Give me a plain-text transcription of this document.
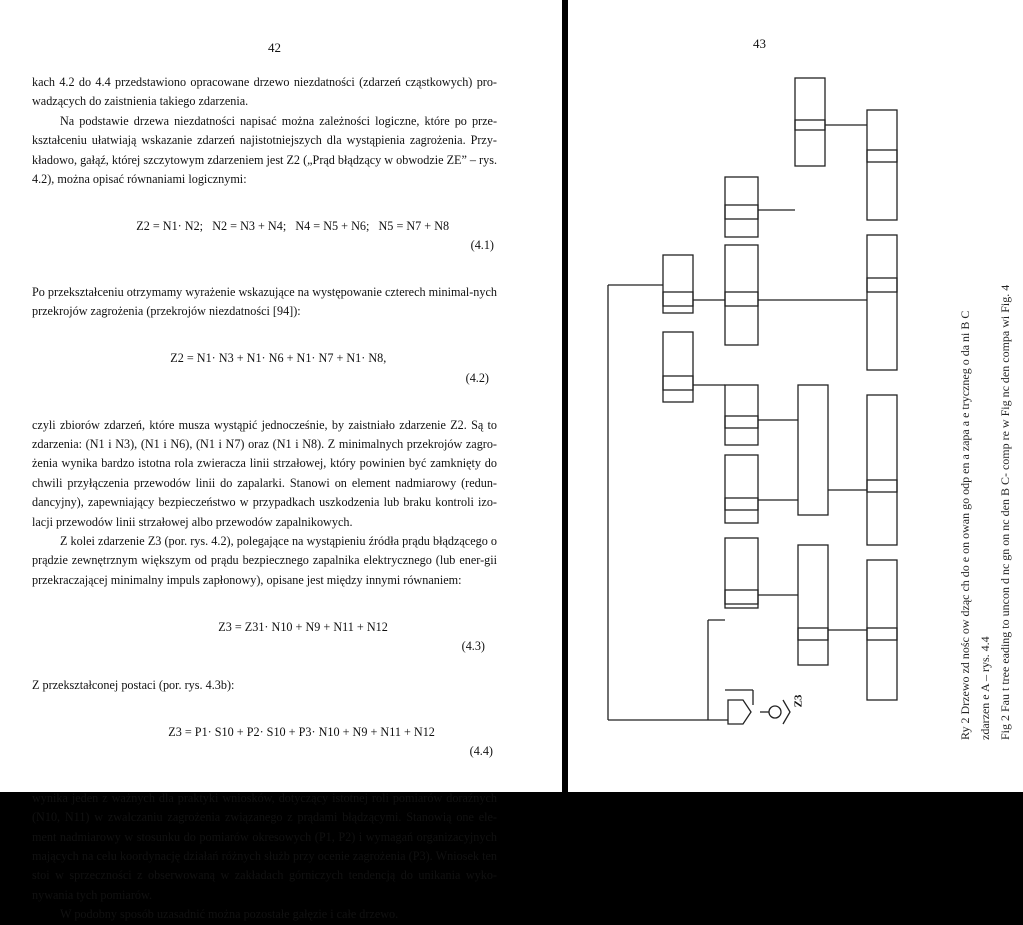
42

kach 4.2 do 4.4 przedstawiono opracowane drzewo niezdatności (zdarzeń cząstkowych) pro-wadzących do zaistnienia takiego zdarzenia.

Na podstawie drzewa niezdatności napisać można zależności logiczne, które po prze-kształceniu ułatwiają wskazanie zdarzeń najistotniejszych dla wystąpienia zagrożenia. Przy-kładowo, gałąź, której szczytowym zdarzeniem jest Z2 („Prąd błądzący w obwodzie ZE” – rys. 4.2), można opisać równaniami logicznymi:

Z2 = N1· N2;   N2 = N3 + N4;   N4 = N5 + N6;   N5 = N7 + N8

(4.1)

Po przekształceniu otrzymamy wyrażenie wskazujące na występowanie czterech minimal-nych przekrojów zagrożenia (przekrojów niezdatności [94]):

Z2 = N1· N3 + N1· N6 + N1· N7 + N1· N8,

(4.2)

czyli zbiorów zdarzeń, które musza wystąpić jednocześnie, by zaistniało zdarzenie Z2. Są to zdarzenia: (N1 i N3), (N1 i N6), (N1 i N7) oraz (N1 i N8). Z minimalnych przekrojów zagro-żenia wynika bardzo istotna rola zwieracza linii strzałowej, który powinien być zamknięty do chwili przyłączenia przewodów linii do zapalarki. Stanowi on element nadmiarowy (redun-dancyjny), zapewniający bezpieczeństwo w przypadkach uszkodzenia lub braku kontroli izo-lacji przewodów linii strzałowej albo przewodów zapalnikowych.

Z kolei zdarzenie Z3 (por. rys. 4.2), polegające na wystąpieniu źródła prądu błądzącego o prądzie zewnętrznym większym od prądu bezpiecznego zapalnika elektrycznego (lub ener-gii przekraczającej minimalny impuls zapłonowy), opisane jest między innymi równaniem:

Z3 = Z31· N10 + N9 + N11 + N12

(4.3)

Z przekształconej postaci (por. rys. 4.3b):

Z3 = P1· S10 + P2· S10 + P3· N10 + N9 + N11 + N12

(4.4)

wynika jeden z ważnych dla praktyki wniosków, dotyczący istotnej roli pomiarów doraźnych (N10, N11) w zwalczaniu zagrożenia związanego z prądami błądzącymi. Stanowią one ele-ment nadmiarowy w stosunku do pomiarów okresowych (P1, P2) i wymagań organizacyjnych mających na celu koordynację działań różnych służb przy ocenie zagrożenia (P3). Wniosek ten stoi w sprzeczności z obserwowaną w zakładach górniczych tendencją do unikania wyko-nywania tych pomiarów.

W podobny sposób uzasadnić można pozostałe gałęzie i całe drzewo.

43
Z3	Ry 2 Drzewo zd nośc ow dząc ch do e on owan go odp en a zapa a e tryczneg o da ni B C zdarzen e A – rys. 4.4 Fig 2 Fau t tree eading to uncon d nc gn on nc den B C- comp re w Fig nc den compa wi Fig. 4
